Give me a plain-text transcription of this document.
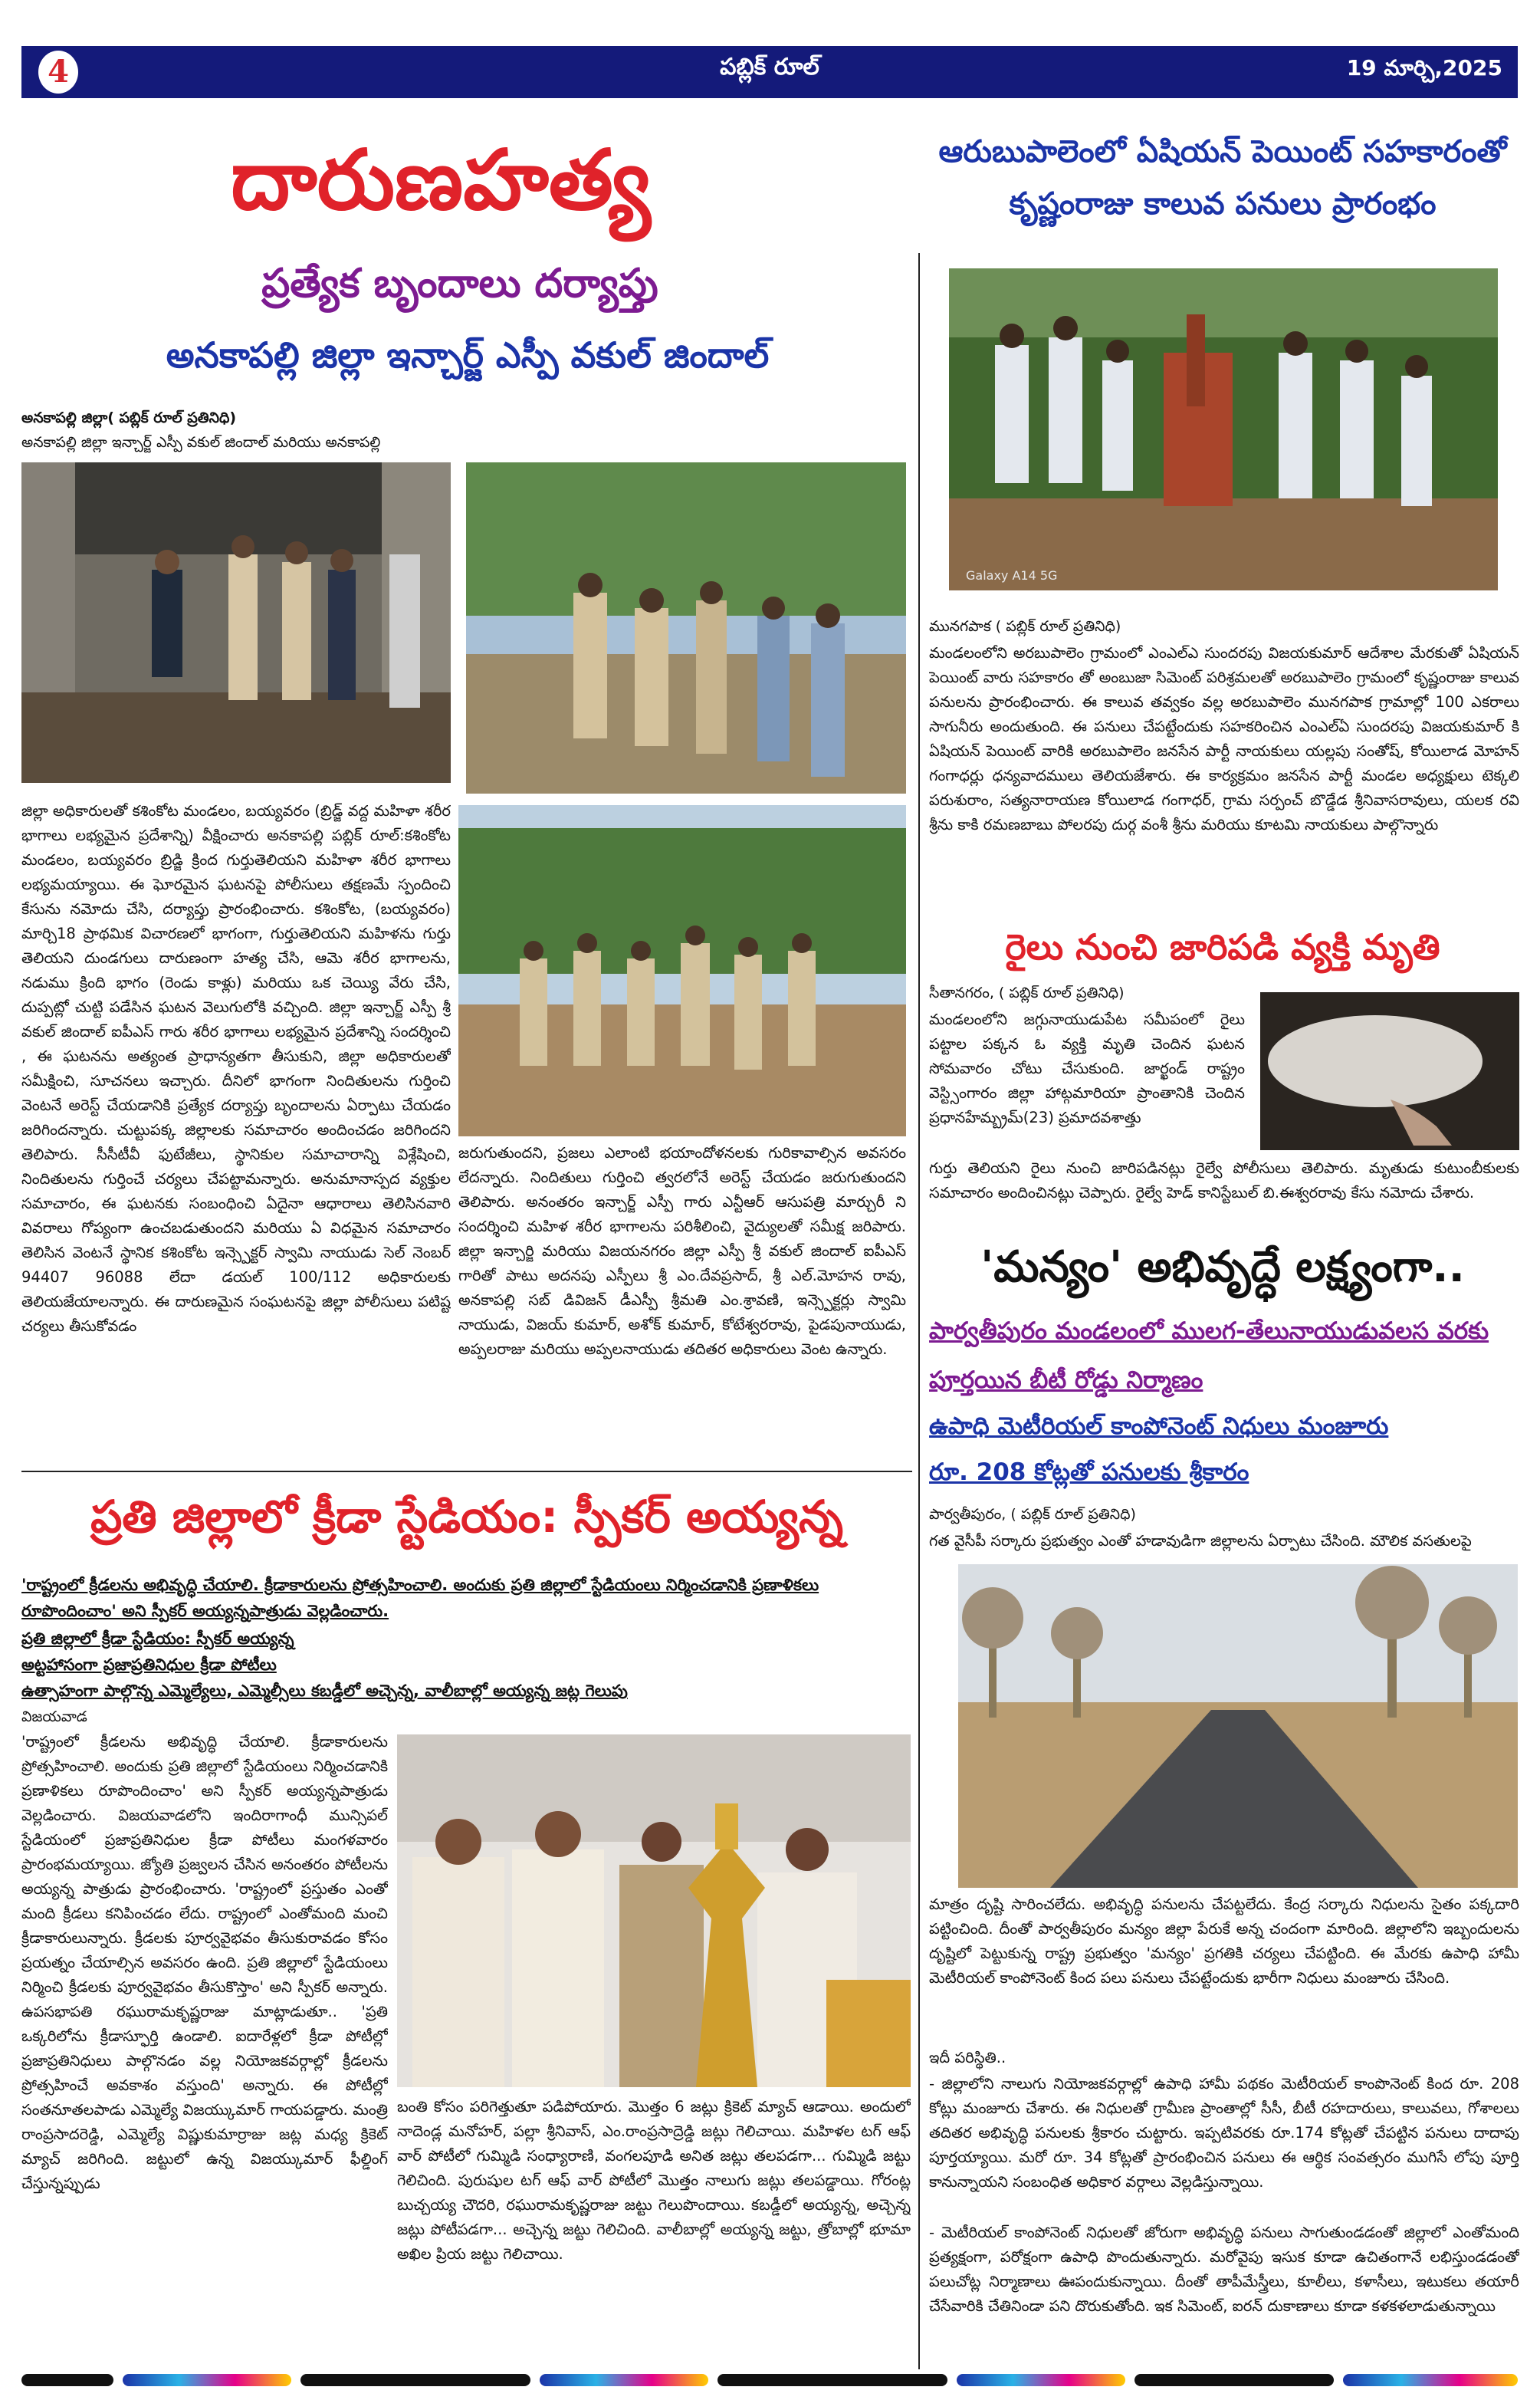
4	పబ్లిక్ రూల్	19 మార్చి,2025
దారుణహత్య
ప్రత్యేక బృందాలు దర్యాప్తు
అనకాపల్లి జిల్లా ఇన్చార్జ్ ఎస్పీ వకుల్ జిందాల్
అనకాపల్లి జిల్లా( పబ్లిక్ రూల్ ప్రతినిధి)
అనకాపల్లి జిల్లా ఇన్చార్జ్ ఎస్పీ వకుల్ జిందాల్ మరియు అనకాపల్లి
జిల్లా అధికారులతో కశింకోట మండలం, బయ్యవరం (బ్రిడ్జ్ వద్ద మహిళా శరీర భాగాలు లభ్యమైన ప్రదేశాన్ని) వీక్షించారు అనకాపల్లి పబ్లిక్ రూల్:కశింకోట మండలం, బయ్యవరం బ్రిడ్జి క్రింద గుర్తుతెలియని మహిళా శరీర భాగాలు లభ్యమయ్యాయి. ఈ ఘోరమైన ఘటనపై పోలీసులు తక్షణమే స్పందించి కేసును నమోదు చేసి, దర్యాప్తు ప్రారంభించారు. కశింకోట, (బయ్యవరం) మార్చి18 ప్రాథమిక విచారణలో భాగంగా, గుర్తుతెలియని మహిళను గుర్తు తెలియని దుండగులు దారుణంగా హత్య చేసి, ఆమె శరీర భాగాలను, నడుము క్రింది భాగం (రెండు కాళ్లు) మరియు ఒక చెయ్యి వేరు చేసి, దుప్పట్లో చుట్టి పడేసిన ఘటన వెలుగులోకి వచ్చింది. జిల్లా ఇన్చార్జ్ ఎస్పీ శ్రీ వకుల్ జిందాల్ ఐపీఎస్ గారు శరీర భాగాలు లభ్యమైన ప్రదేశాన్ని సందర్శించి , ఈ ఘటనను అత్యంత ప్రాధాన్యతగా తీసుకుని, జిల్లా అధికారులతో సమీక్షించి, సూచనలు ఇచ్చారు. దీనిలో భాగంగా నిందితులను గుర్తించి వెంటనే అరెస్ట్ చేయడానికి ప్రత్యేక దర్యాప్తు బృందాలను ఏర్పాటు చేయడం జరిగిందన్నారు. చుట్టుపక్క జిల్లాలకు సమాచారం అందించడం జరిగిందని తెలిపారు. సీసీటీవీ ఫుటేజీలు, స్థానికుల సమాచారాన్ని విశ్లేషించి, నిందితులను గుర్తించే చర్యలు చేపట్టామన్నారు. అనుమానాస్పద వ్యక్తుల సమాచారం, ఈ ఘటనకు సంబంధించి ఏదైనా ఆధారాలు తెలిసినవారి వివరాలు గోప్యంగా ఉంచబడుతుందని మరియు ఏ విధమైన సమాచారం తెలిసిన వెంటనే స్థానిక కశింకోట ఇన్స్పెక్టర్ స్వామి నాయుడు సెల్ నెంబర్ 94407 96088 లేదా డయల్ 100/112 అధికారులకు తెలియజేయాలన్నారు. ఈ దారుణమైన సంఘటనపై జిల్లా పోలీసులు పటిష్ట చర్యలు తీసుకోవడం
జరుగుతుందని, ప్రజలు ఎలాంటి భయాందోళనలకు గురికావాల్సిన అవసరం లేదన్నారు. నిందితులు గుర్తించి త్వరలోనే అరెస్ట్ చేయడం జరుగుతుందని తెలిపారు. అనంతరం ఇన్చార్జ్ ఎస్పీ గారు ఎన్టీఆర్ ఆసుపత్రి మార్చురీ ని సందర్శించి మహిళ శరీర భాగాలను పరిశీలించి, వైద్యులతో సమీక్ష జరిపారు. జిల్లా ఇన్చార్జి మరియు విజయనగరం జిల్లా ఎస్పీ శ్రీ వకుల్ జిందాల్ ఐపీఎస్ గారితో పాటు అదనపు ఎస్పీలు శ్రీ ఎం.దేవప్రసాద్, శ్రీ ఎల్.మోహన రావు, అనకాపల్లి సబ్ డివిజన్ డీఎస్పీ శ్రీమతి ఎం.శ్రావణి, ఇన్స్పెక్టర్లు స్వామి నాయుడు, విజయ్ కుమార్, అశోక్ కుమార్, కోటేశ్వరరావు, పైడపునాయుడు, అప్పలరాజు మరియు అప్పలనాయుడు తదితర అధికారులు వెంట ఉన్నారు.
ప్రతి జిల్లాలో క్రీడా స్టేడియం: స్పీకర్ అయ్యన్న
'రాష్ట్రంలో క్రీడలను అభివృద్ధి చేయాలి. క్రీడాకారులను ప్రోత్సహించాలి. అందుకు ప్రతి జిల్లాలో స్టేడియంలు నిర్మించడానికి ప్రణాళికలు రూపొందించాం' అని స్పీకర్ అయ్యన్నపాత్రుడు వెల్లడించారు.
ప్రతి జిల్లాలో క్రీడా స్టేడియం: స్పీకర్ అయ్యన్న
అట్టహాసంగా ప్రజాప్రతినిధుల క్రీడా పోటీలు
ఉత్సాహంగా పాల్గొన్న ఎమ్మెల్యేలు, ఎమ్మెల్సీలు కబడ్డీలో అచ్చెన్న, వాలీబాల్లో అయ్యన్న జట్ల గెలుపు
విజయవాడ
'రాష్ట్రంలో క్రీడలను అభివృద్ధి చేయాలి. క్రీడాకారులను ప్రోత్సహించాలి. అందుకు ప్రతి జిల్లాలో స్టేడియంలు నిర్మించడానికి ప్రణాళికలు రూపొందించాం' అని స్పీకర్ అయ్యన్నపాత్రుడు వెల్లడించారు. విజయవాడలోని ఇందిరాగాంధీ మున్సిపల్ స్టేడియంలో ప్రజాప్రతినిధుల క్రీడా పోటీలు మంగళవారం ప్రారంభమయ్యాయి. జ్యోతి ప్రజ్వలన చేసిన అనంతరం పోటీలను అయ్యన్న పాత్రుడు ప్రారంభించారు. 'రాష్ట్రంలో ప్రస్తుతం ఎంతో మంది క్రీడలు కనిపించడం లేదు. రాష్ట్రంలో ఎంతోమంది మంచి క్రీడాకారులున్నారు. క్రీడలకు పూర్వవైభవం తీసుకురావడం కోసం ప్రయత్నం చేయాల్సిన అవసరం ఉంది. ప్రతి జిల్లాలో స్టేడియంలు నిర్మించి క్రీడలకు పూర్వవైభవం తీసుకొస్తాం' అని స్పీకర్ అన్నారు. ఉపసభాపతి రఘురామకృష్ణరాజు మాట్లాడుతూ.. 'ప్రతి ఒక్కరిలోను క్రీడాస్ఫూర్తి ఉండాలి. ఐదారేళ్లలో క్రీడా పోటీల్లో ప్రజాప్రతినిధులు పాల్గొనడం వల్ల నియోజకవర్గాల్లో క్రీడలను ప్రోత్సహించే అవకాశం వస్తుంది' అన్నారు. ఈ పోటీల్లో సంతనూతలపాడు ఎమ్మెల్యే విజయ్కుమార్ గాయపడ్డారు. మంత్రి రాంప్రసాదరెడ్డి, ఎమ్మెల్యే విష్ణుకుమార్రాజు జట్ల మధ్య క్రికెట్ మ్యాచ్ జరిగింది. జట్టులో ఉన్న విజయ్కుమార్ ఫీల్డింగ్ చేస్తున్నప్పుడు
బంతి కోసం పరిగెత్తుతూ పడిపోయారు. మొత్తం 6 జట్లు క్రికెట్ మ్యాచ్ ఆడాయి. అందులో నాదెండ్ల మనోహర్, పల్లా శ్రీనివాస్, ఎం.రాంప్రసాద్రెడ్డి జట్లు గెలిచాయి. మహిళల టగ్ ఆఫ్ వార్ పోటీలో గుమ్మిడి సంధ్యారాణి, వంగలపూడి అనిత జట్లు తలపడగా... గుమ్మిడి జట్టు గెలిచింది. పురుషుల టగ్ ఆఫ్ వార్ పోటీలో మొత్తం నాలుగు జట్లు తలపడ్డాయి. గోరంట్ల బుచ్చయ్య చౌదరి, రఘురామకృష్ణరాజు జట్టు గెలుపొందాయి. కబడ్డీలో అయ్యన్న, అచ్చెన్న జట్లు పోటీపడగా... అచ్చెన్న జట్టు గెలిచింది. వాలీబాల్లో అయ్యన్న జట్టు, త్రోబాల్లో భూమా అఖిల ప్రియ జట్టు గెలిచాయి.
ఆరుబుపాలెంలో ఏషియన్ పెయింట్ సహకారంతో
కృష్ణంరాజు కాలువ పనులు ప్రారంభం
Galaxy A14 5G
మునగపాక ( పబ్లిక్ రూల్ ప్రతినిధి)
మండలంలోని అరబుపాలెం గ్రామంలో ఎంఎల్ఎ సుందరపు విజయకుమార్ ఆదేశాల మేరకుతో ఏషియన్ పెయింట్ వారు సహకారం తో అంబుజా సిమెంట్ పరిశ్రమలతో అరబుపాలెం గ్రామంలో కృష్ణంరాజు కాలువ పనులను ప్రారంభించారు. ఈ కాలువ తవ్వకం వల్ల అరబుపాలెం మునగపాక గ్రామాల్లో 100 ఎకరాలు సాగునీరు అందుతుంది. ఈ పనులు చేపట్టేందుకు సహకరించిన ఎంఎల్ఏ సుందరపు విజయకుమార్ కి ఏషియన్ పెయింట్ వారికి అరబుపాలెం జనసేన పార్టీ నాయకులు యల్లపు సంతోష్, కోయిలాడ మోహన్ గంగాధర్లు ధన్యవాదములు తెలియజేశారు. ఈ కార్యక్రమం జనసేన పార్టీ మండల అధ్యక్షులు టెక్కలి పరుశురాం, సత్యనారాయణ కోయిలాడ గంగాధర్, గ్రామ సర్పంచ్ బొడ్డేడ శ్రీనివాసరావులు, యలక రవి శ్రీను కాకి రమణబాబు పోలరపు దుర్గ వంశీ శ్రీను మరియు కూటమి నాయకులు పాల్గొన్నారు
రైలు నుంచి జారిపడి వ్యక్తి మృతి
సీతానగరం, ( పబ్లిక్ రూల్ ప్రతినిధి)
మండలంలోని జగ్గునాయుడుపేట సమీపంలో రైలు పట్టాల పక్కన ఓ వ్యక్తి మృతి చెందిన ఘటన సోమవారం చోటు చేసుకుంది. జార్ఖండ్ రాష్ట్రం వెస్ట్సింగారం జిల్లా హాట్గమారియా ప్రాంతానికి చెందిన ప్రధానహేమ్బ్రమ్(23) ప్రమాదవశాత్తు
గుర్తు తెలియని రైలు నుంచి జారిపడినట్లు రైల్వే పోలీసులు తెలిపారు. మృతుడు కుటుంబీకులకు సమాచారం అందించినట్లు చెప్పారు. రైల్వే హెడ్ కానిస్టేబుల్ బి.ఈశ్వరరావు కేసు నమోదు చేశారు.
'మన్యం' అభివృద్ధే లక్ష్యంగా..
పార్వతీపురం మండలంలో ములగ-తేలునాయుడువలస వరకు
పూర్తయిన బీటీ రోడ్డు నిర్మాణం
ఉపాధి మెటీరియల్ కాంపోనెంట్ నిధులు మంజూరు
రూ. 208 కోట్లతో పనులకు శ్రీకారం
పార్వతీపురం, ( పబ్లిక్ రూల్ ప్రతినిధి)
గత వైసీపీ సర్కారు ప్రభుత్వం ఎంతో హడావుడిగా జిల్లాలను ఏర్పాటు చేసింది. మౌలిక వసతులపై
మాత్రం దృష్టి సారించలేదు. అభివృద్ధి పనులను చేపట్టలేదు. కేంద్ర సర్కారు నిధులను సైతం పక్కదారి పట్టించింది. దీంతో పార్వతీపురం మన్యం జిల్లా పేరుకే అన్న చందంగా మారింది. జిల్లాలోని ఇబ్బందులను దృష్టిలో పెట్టుకున్న రాష్ట్ర ప్రభుత్వం 'మన్యం' ప్రగతికి చర్యలు చేపట్టింది. ఈ మేరకు ఉపాధి హామీ మెటీరియల్ కాంపోనెంట్ కింద పలు పనులు చేపట్టేందుకు భారీగా నిధులు మంజూరు చేసింది.
ఇదీ పరిస్థితి..
- జిల్లాలోని నాలుగు నియోజకవర్గాల్లో ఉపాధి హామీ పథకం మెటీరియల్ కాంపొనెంట్ కింద రూ. 208 కోట్లు మంజూరు చేశారు. ఈ నిధులతో గ్రామీణ ప్రాంతాల్లో సీసీ, బీటీ రహదారులు, కాలువలు, గోశాలలు తదితర అభివృద్ధి పనులకు శ్రీకారం చుట్టారు. ఇప్పటివరకు రూ.174 కోట్లతో చేపట్టిన పనులు దాదాపు పూర్తయ్యాయి. మరో రూ. 34 కోట్లతో ప్రారంభించిన పనులు ఈ ఆర్థిక సంవత్సరం ముగిసే లోపు పూర్తి కానున్నాయని సంబంధిత అధికార వర్గాలు వెల్లడిస్తున్నాయి.
- మెటీరియల్ కాంపోనెంట్ నిధులతో జోరుగా అభివృద్ధి పనులు సాగుతుండడంతో జిల్లాలో ఎంతోమంది ప్రత్యక్షంగా, పరోక్షంగా ఉపాధి పొందుతున్నారు. మరోవైపు ఇసుక కూడా ఉచితంగానే లభిస్తుండడంతో పలుచోట్ల నిర్మాణాలు ఊపందుకున్నాయి. దీంతో తాపీమేస్త్రీలు, కూలీలు, కళాసీలు, ఇటుకలు తయారీ చేసేవారికి చేతినిండా పని దొరుకుతోంది. ఇక సిమెంట్, ఐరన్ దుకాణాలు కూడా కళకళలాడుతున్నాయి
